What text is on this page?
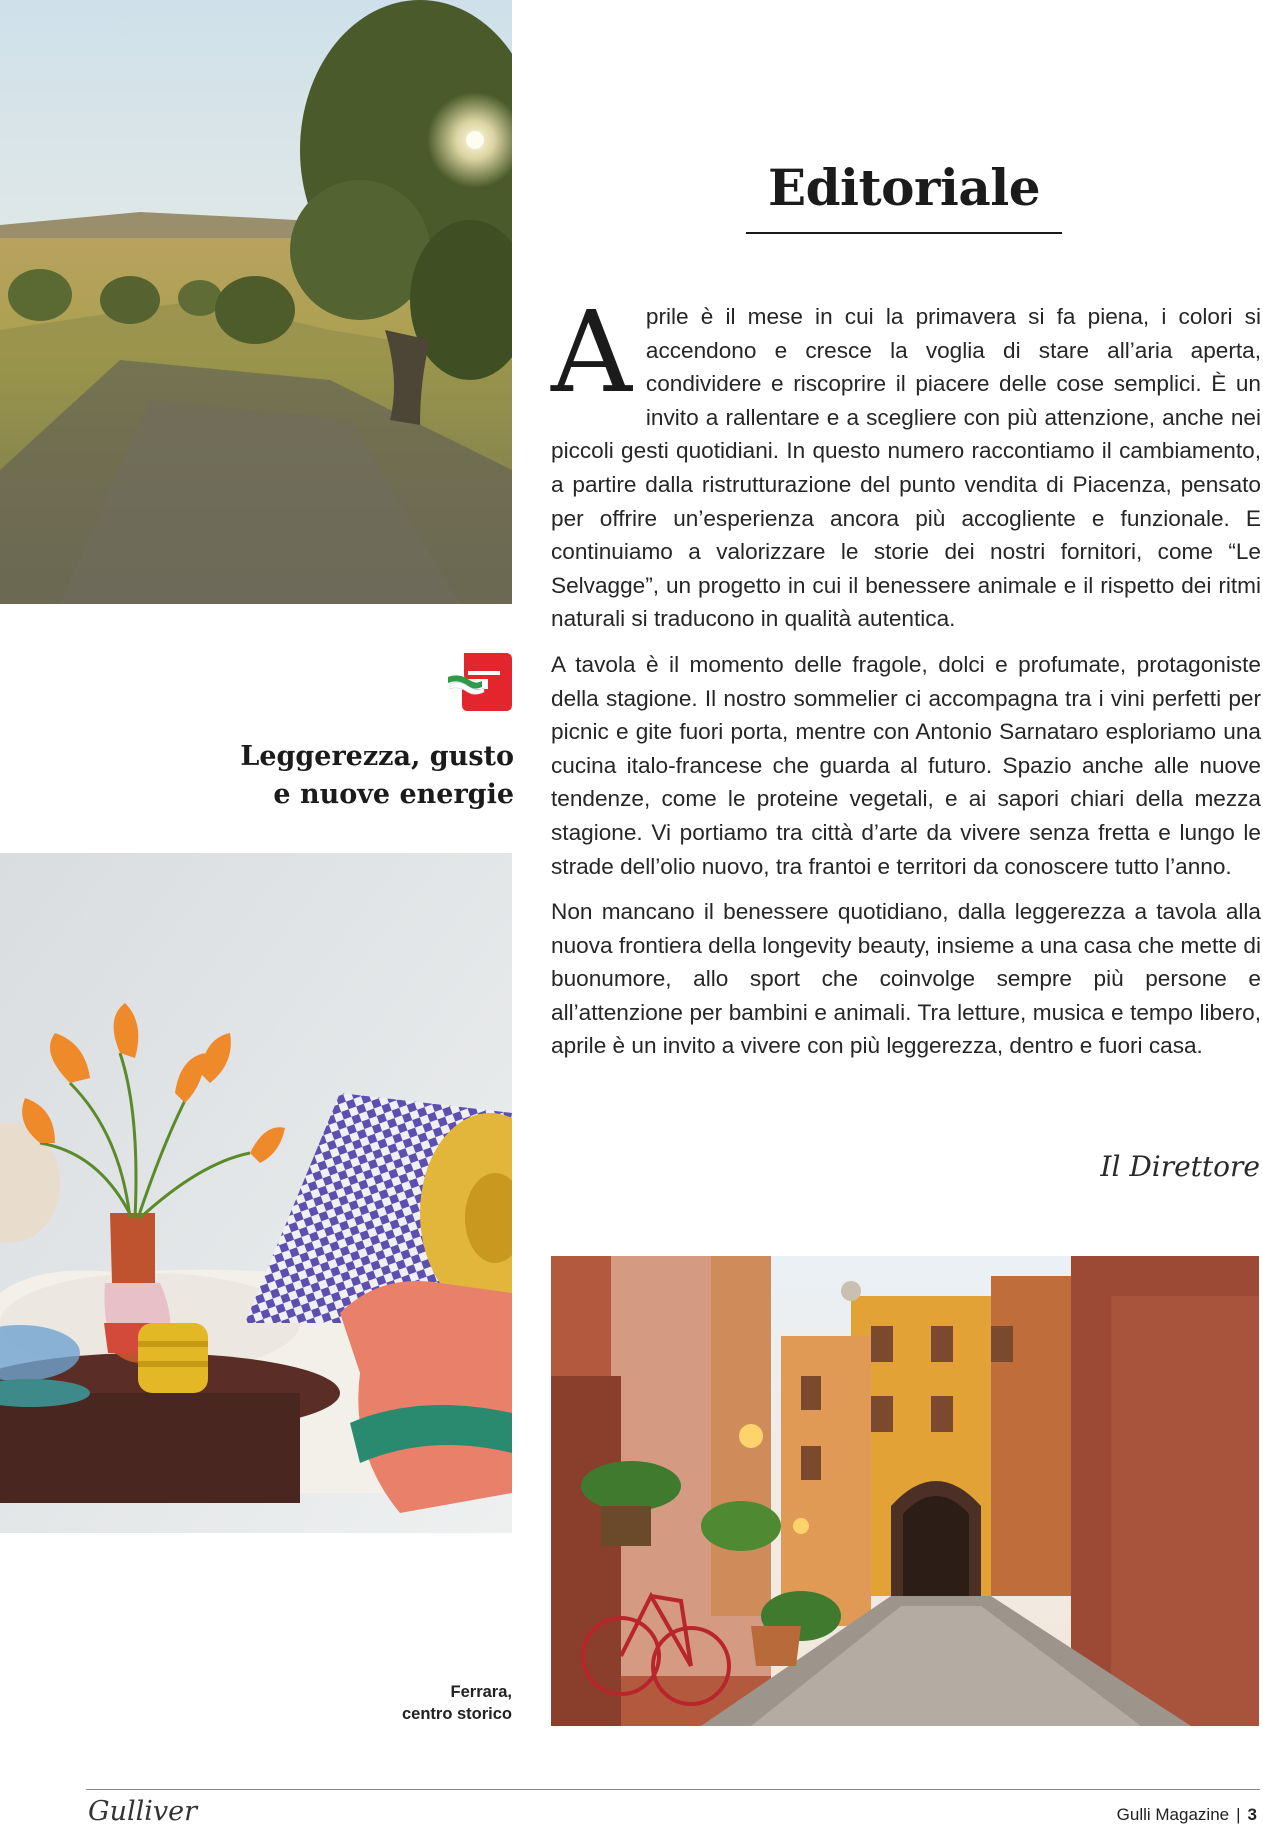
Leggerezza, gusto
e nuove energie
Editoriale

Aprile è il mese in cui la primavera si fa piena, i colori si accendono e cresce la voglia di stare all’aria aperta, condividere e riscoprire il piacere delle cose semplici. È un invito a rallentare e a scegliere con più attenzione, anche nei piccoli gesti quotidiani. In questo numero raccontiamo il cambiamento, a partire dalla ristrutturazione del punto vendita di Piacenza, pensato per offrire un’esperienza ancora più accogliente e funzionale. E continuiamo a valorizzare le storie dei nostri fornitori, come “Le Selvagge”, un progetto in cui il benessere animale e il rispetto dei ritmi naturali si traducono in qualità autentica.

A tavola è il momento delle fragole, dolci e profumate, protagoniste della stagione. Il nostro sommelier ci accompagna tra i vini perfetti per picnic e gite fuori porta, mentre con Antonio Sarnataro esploriamo una cucina italo-francese che guarda al futuro. Spazio anche alle nuove tendenze, come le proteine vegetali, e ai sapori chiari della mezza stagione. Vi portiamo tra città d’arte da vivere senza fretta e lungo le strade dell’olio nuovo, tra frantoi e territori da conoscere tutto l’anno.

Non mancano il benessere quotidiano, dalla leggerezza a tavola alla nuova frontiera della longevity beauty, insieme a una casa che mette di buonumore, allo sport che coinvolge sempre più persone e all’attenzione per bambini e animali. Tra letture, musica e tempo libero, aprile è un invito a vivere con più leggerezza, dentro e fuori casa.

Il Direttore
Ferrara,
centro storico
Gulliver	Gulli Magazine | 3
